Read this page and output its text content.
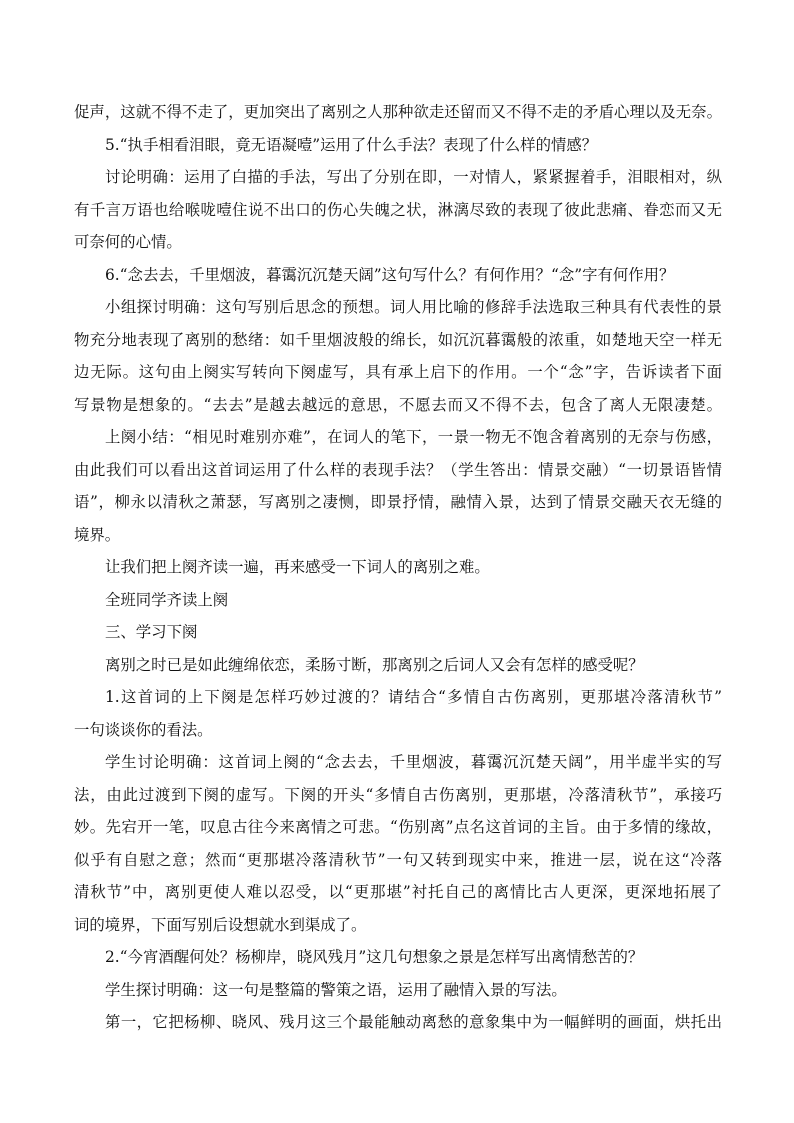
促声，这就不得不走了，更加突出了离别之人那种欲走还留而又不得不走的矛盾心理以及无奈。
5.“执手相看泪眼，竟无语凝噎”运用了什么手法？表现了什么样的情感？
讨论明确：运用了白描的手法，写出了分别在即，一对情人，紧紧握着手，泪眼相对，纵
有千言万语也给喉咙噎住说不出口的伤心失魄之状，淋漓尽致的表现了彼此悲痛、眷恋而又无
可奈何的心情。
6.“念去去，千里烟波，暮霭沉沉楚天阔”这句写什么？有何作用？“念”字有何作用？
小组探讨明确：这句写别后思念的预想。词人用比喻的修辞手法选取三种具有代表性的景
物充分地表现了离别的愁绪：如千里烟波般的绵长，如沉沉暮霭般的浓重，如楚地天空一样无
边无际。这句由上阕实写转向下阕虚写，具有承上启下的作用。一个“念”字，告诉读者下面
写景物是想象的。“去去”是越去越远的意思，不愿去而又不得不去，包含了离人无限凄楚。
上阕小结：“相见时难别亦难”，在词人的笔下，一景一物无不饱含着离别的无奈与伤感，
由此我们可以看出这首词运用了什么样的表现手法？（学生答出：情景交融）“一切景语皆情
语”，柳永以清秋之萧瑟，写离别之凄恻，即景抒情，融情入景，达到了情景交融天衣无缝的
境界。
让我们把上阕齐读一遍，再来感受一下词人的离别之难。
全班同学齐读上阕
三、学习下阕
离别之时已是如此缠绵依恋，柔肠寸断，那离别之后词人又会有怎样的感受呢？
1.这首词的上下阕是怎样巧妙过渡的？请结合“多情自古伤离别，更那堪冷落清秋节”
一句谈谈你的看法。
学生讨论明确：这首词上阕的“念去去，千里烟波，暮霭沉沉楚天阔”，用半虚半实的写
法，由此过渡到下阕的虚写。下阕的开头“多情自古伤离别，更那堪，冷落清秋节”，承接巧
妙。先宕开一笔，叹息古往今来离情之可悲。“伤别离”点名这首词的主旨。由于多情的缘故，
似乎有自慰之意；然而“更那堪冷落清秋节”一句又转到现实中来，推进一层，说在这“冷落
清秋节”中，离别更使人难以忍受，以“更那堪”衬托自己的离情比古人更深，更深地拓展了
词的境界，下面写别后设想就水到渠成了。
2.“今宵酒醒何处？杨柳岸，晓风残月”这几句想象之景是怎样写出离情愁苦的？
学生探讨明确：这一句是整篇的警策之语，运用了融情入景的写法。
第一，它把杨柳、晓风、残月这三个最能触动离愁的意象集中为一幅鲜明的画面，烘托出
